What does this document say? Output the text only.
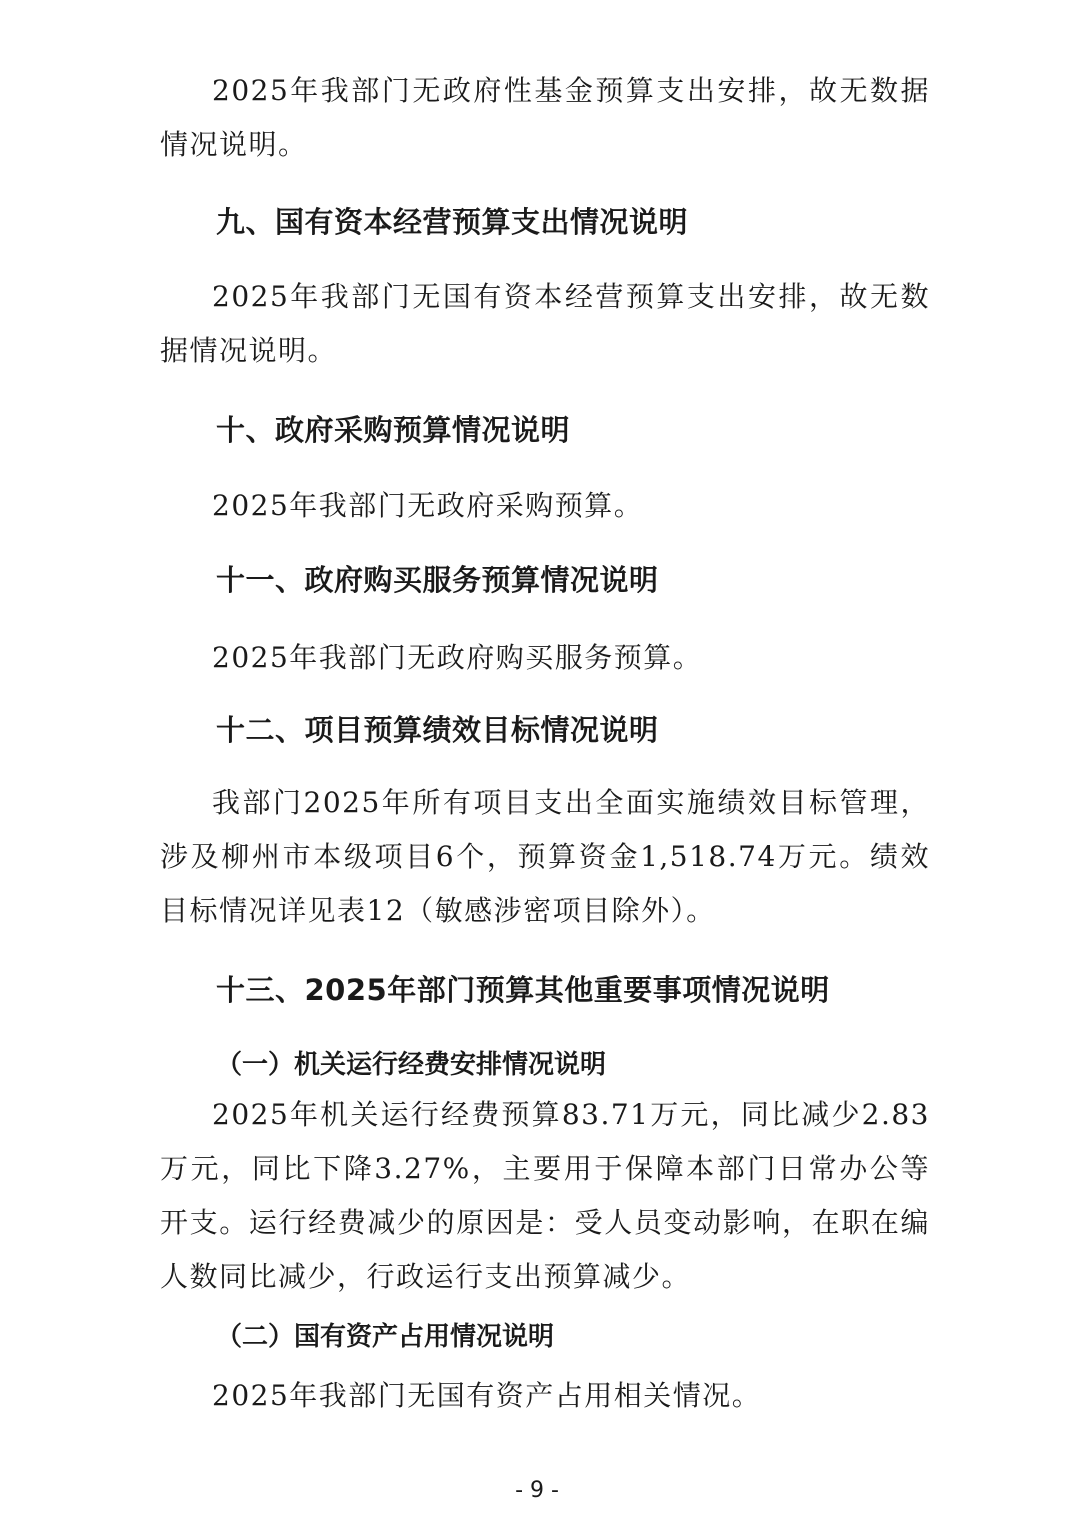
2025年我部门无政府性基金预算支出安排，故无数据情况说明。

九、国有资本经营预算支出情况说明

2025年我部门无国有资本经营预算支出安排，故无数据情况说明。

十、政府采购预算情况说明

2025年我部门无政府采购预算。

十一、政府购买服务预算情况说明

2025年我部门无政府购买服务预算。

十二、项目预算绩效目标情况说明

我部门2025年所有项目支出全面实施绩效目标管理，涉及柳州市本级项目6个，预算资金1,518.74万元。绩效目标情况详见表12（敏感涉密项目除外）。

十三、2025年部门预算其他重要事项情况说明
（一）机关运行经费安排情况说明

2025年机关运行经费预算83.71万元，同比减少2.83万元，同比下降3.27%，主要用于保障本部门日常办公等开支。运行经费减少的原因是：受人员变动影响，在职在编人数同比减少，行政运行支出预算减少。

（二）国有资产占用情况说明

2025年我部门无国有资产占用相关情况。

- 9 -
